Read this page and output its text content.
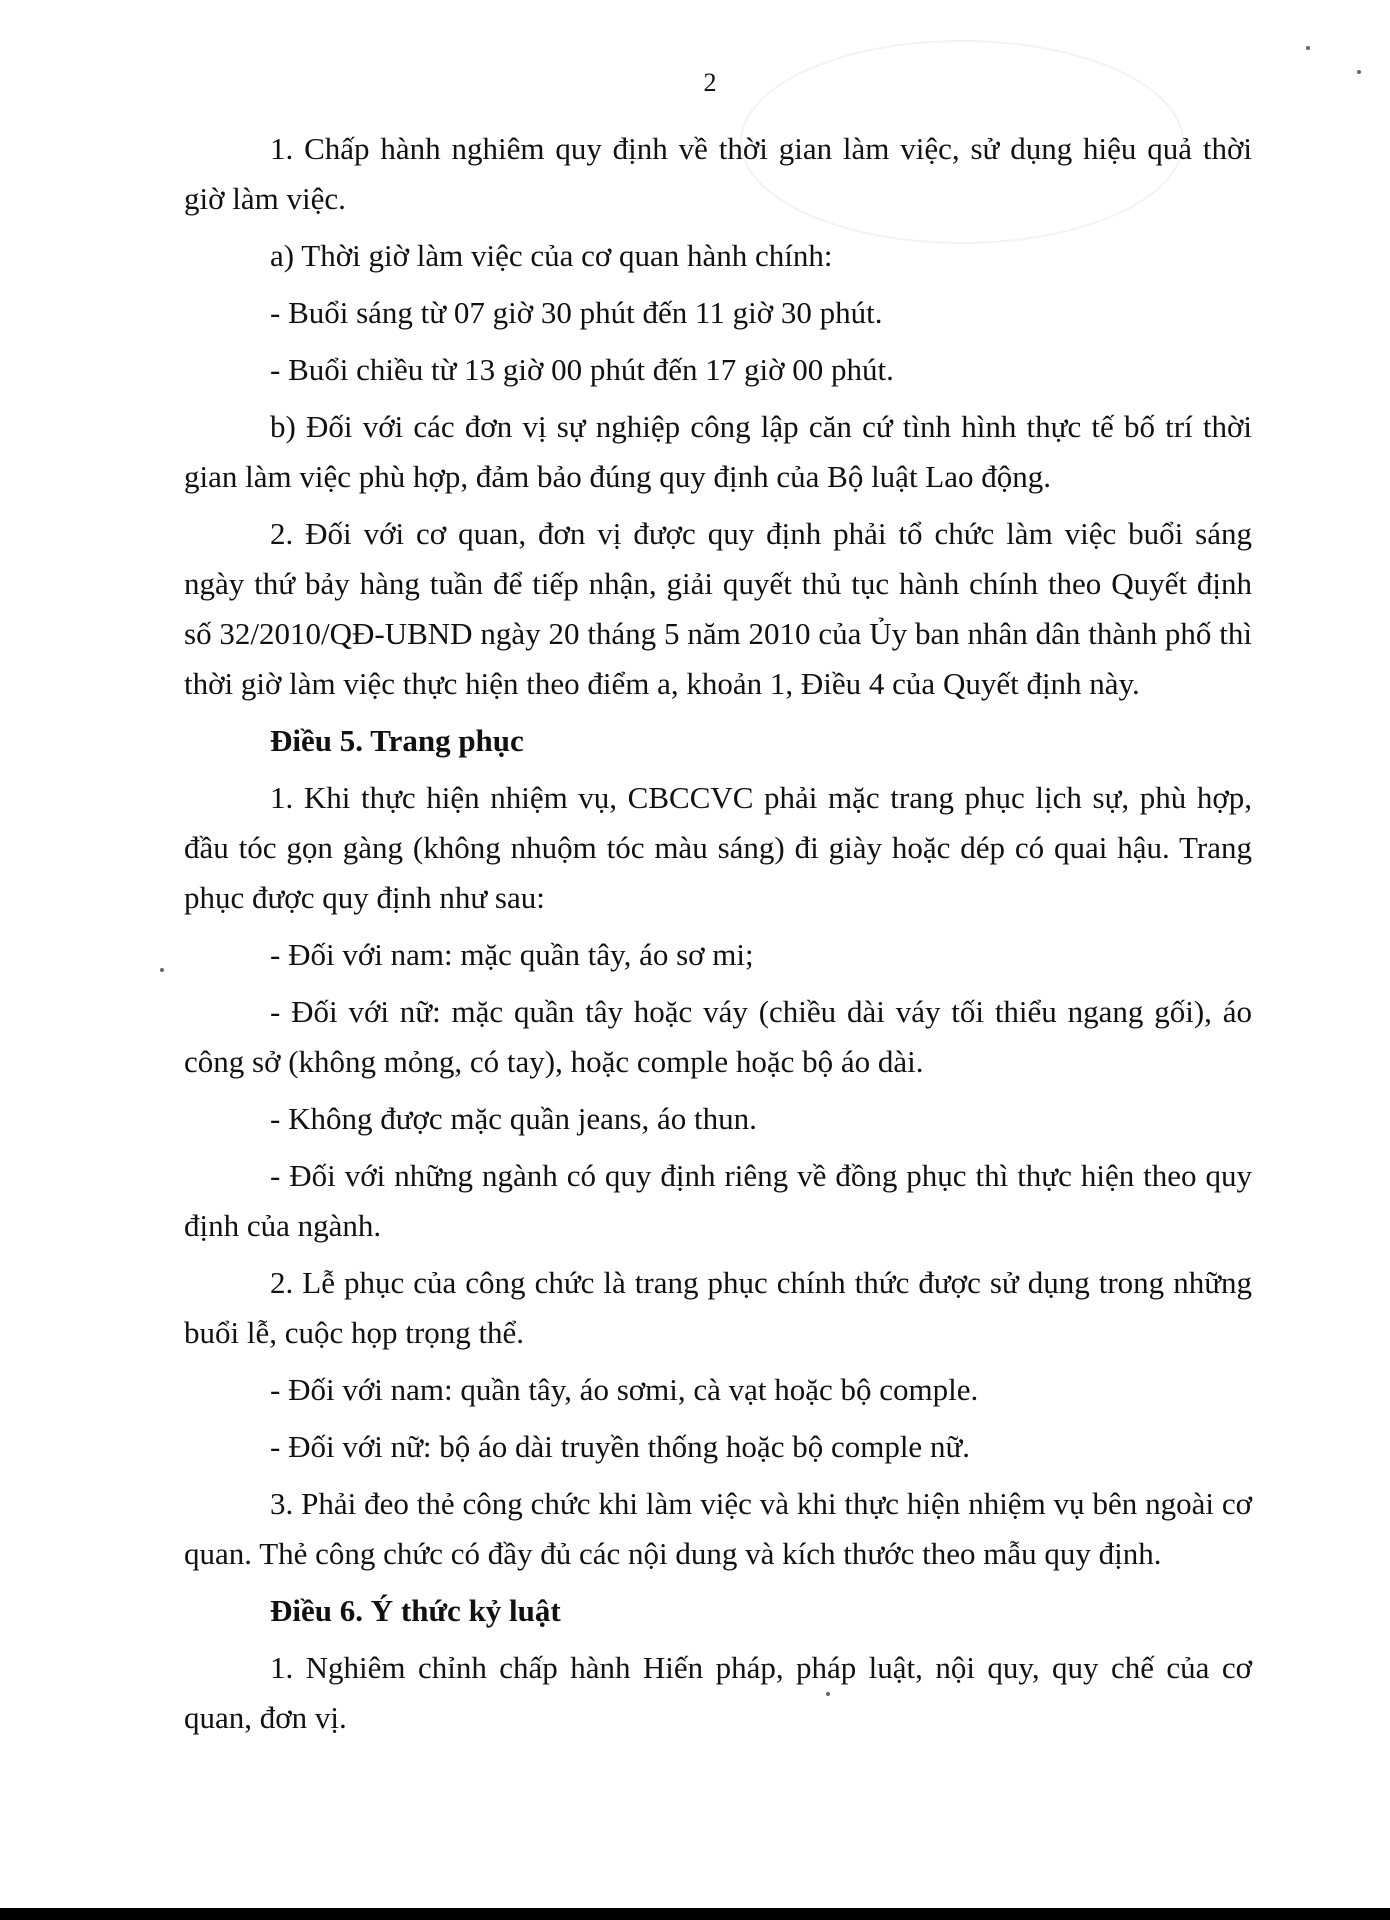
2

1. Chấp hành nghiêm quy định về thời gian làm việc, sử dụng hiệu quả thời giờ làm việc.

a) Thời giờ làm việc của cơ quan hành chính:

- Buổi sáng từ 07 giờ 30 phút đến 11 giờ 30 phút.

- Buổi chiều từ 13 giờ 00 phút đến 17 giờ 00 phút.

b) Đối với các đơn vị sự nghiệp công lập căn cứ tình hình thực tế bố trí thời gian làm việc phù hợp, đảm bảo đúng quy định của Bộ luật Lao động.

2. Đối với cơ quan, đơn vị được quy định phải tổ chức làm việc buổi sáng ngày thứ bảy hàng tuần để tiếp nhận, giải quyết thủ tục hành chính theo Quyết định số 32/2010/QĐ-UBND ngày 20 tháng 5 năm 2010 của Ủy ban nhân dân thành phố thì thời giờ làm việc thực hiện theo điểm a, khoản 1, Điều 4 của Quyết định này.

Điều 5. Trang phục

1. Khi thực hiện nhiệm vụ, CBCCVC phải mặc trang phục lịch sự, phù hợp, đầu tóc gọn gàng (không nhuộm tóc màu sáng) đi giày hoặc dép có quai hậu. Trang phục được quy định như sau:

- Đối với nam: mặc quần tây, áo sơ mi;

- Đối với nữ: mặc quần tây hoặc váy (chiều dài váy tối thiểu ngang gối), áo công sở (không mỏng, có tay), hoặc comple hoặc bộ áo dài.

- Không được mặc quần jeans, áo thun.

- Đối với những ngành có quy định riêng về đồng phục thì thực hiện theo quy định của ngành.

2. Lễ phục của công chức là trang phục chính thức được sử dụng trong những buổi lễ, cuộc họp trọng thể.

- Đối với nam: quần tây, áo sơmi, cà vạt hoặc bộ comple.

- Đối với nữ: bộ áo dài truyền thống hoặc bộ comple nữ.

3. Phải đeo thẻ công chức khi làm việc và khi thực hiện nhiệm vụ bên ngoài cơ quan. Thẻ công chức có đầy đủ các nội dung và kích thước theo mẫu quy định.

Điều 6. Ý thức kỷ luật

1. Nghiêm chỉnh chấp hành Hiến pháp, pháp luật, nội quy, quy chế của cơ quan, đơn vị.
